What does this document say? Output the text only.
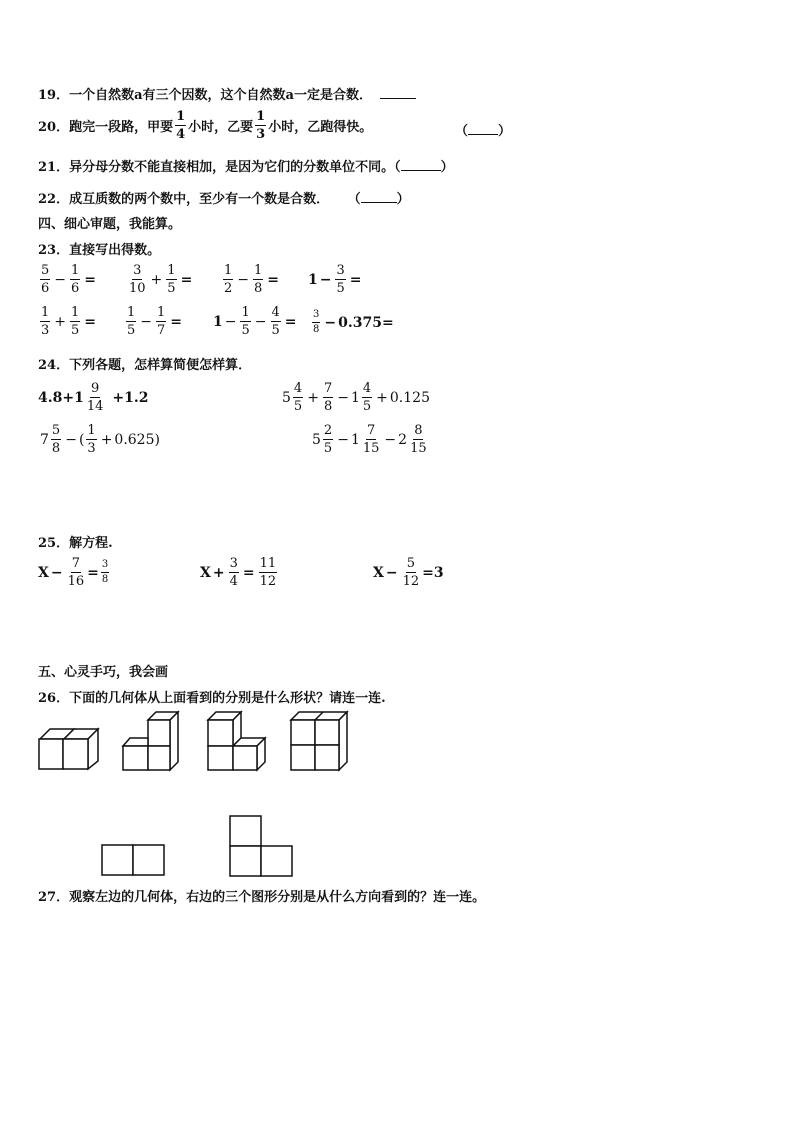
19．一个自然数a有三个因数，这个自然数a一定是合数．
20． 跑完一段路，甲要 $\frac{1}{4}$ 小时，乙要 $\frac{1}{3}$ 小时，乙跑得快。	（ ）
21．异分母分数不能直接相加，是因为它们的分数单位不同。（	）
22．成互质数的两个数中，至少有一个数是合数． （	）
四、细心审题，我能算。
23．直接写出得数。
$\frac{5}{6} - \frac{1}{6} = \frac{3}{10} + \frac{1}{5} = \frac{1}{2} - \frac{1}{8} = 1 - \frac{3}{5}$ =
$\frac{1}{3} + \frac{1}{5} = \frac{1}{5} - \frac{1}{7} = 1 - \frac{1}{5} - \frac{4}{5} = \frac{3}{8} - 0.375$ =
24．下列各题，怎样算简便怎样算．
$4.8+1 \frac{9}{14} +1.2$	$5 \frac{4}{5} + \frac{7}{8} - 1 \frac{4}{5} + 0.125$
$7 \frac{5}{8}$ − ( $\frac{1}{3} + 0.625$ )	$5 \frac{2}{5} - 1 \frac{7}{15} - 2 \frac{8}{15}$
25．解方程.
$X - \frac{7}{16} = \frac{3}{8}$	$X + \frac{3}{4} = \frac{11}{12}$	$X - \frac{5}{12} = 3$
五、心灵手巧，我会画
26．下面的几何体从上面看到的分别是什么形状？请连一连.
27．观察左边的几何体，右边的三个图形分别是从什么方向看到的？连一连。
